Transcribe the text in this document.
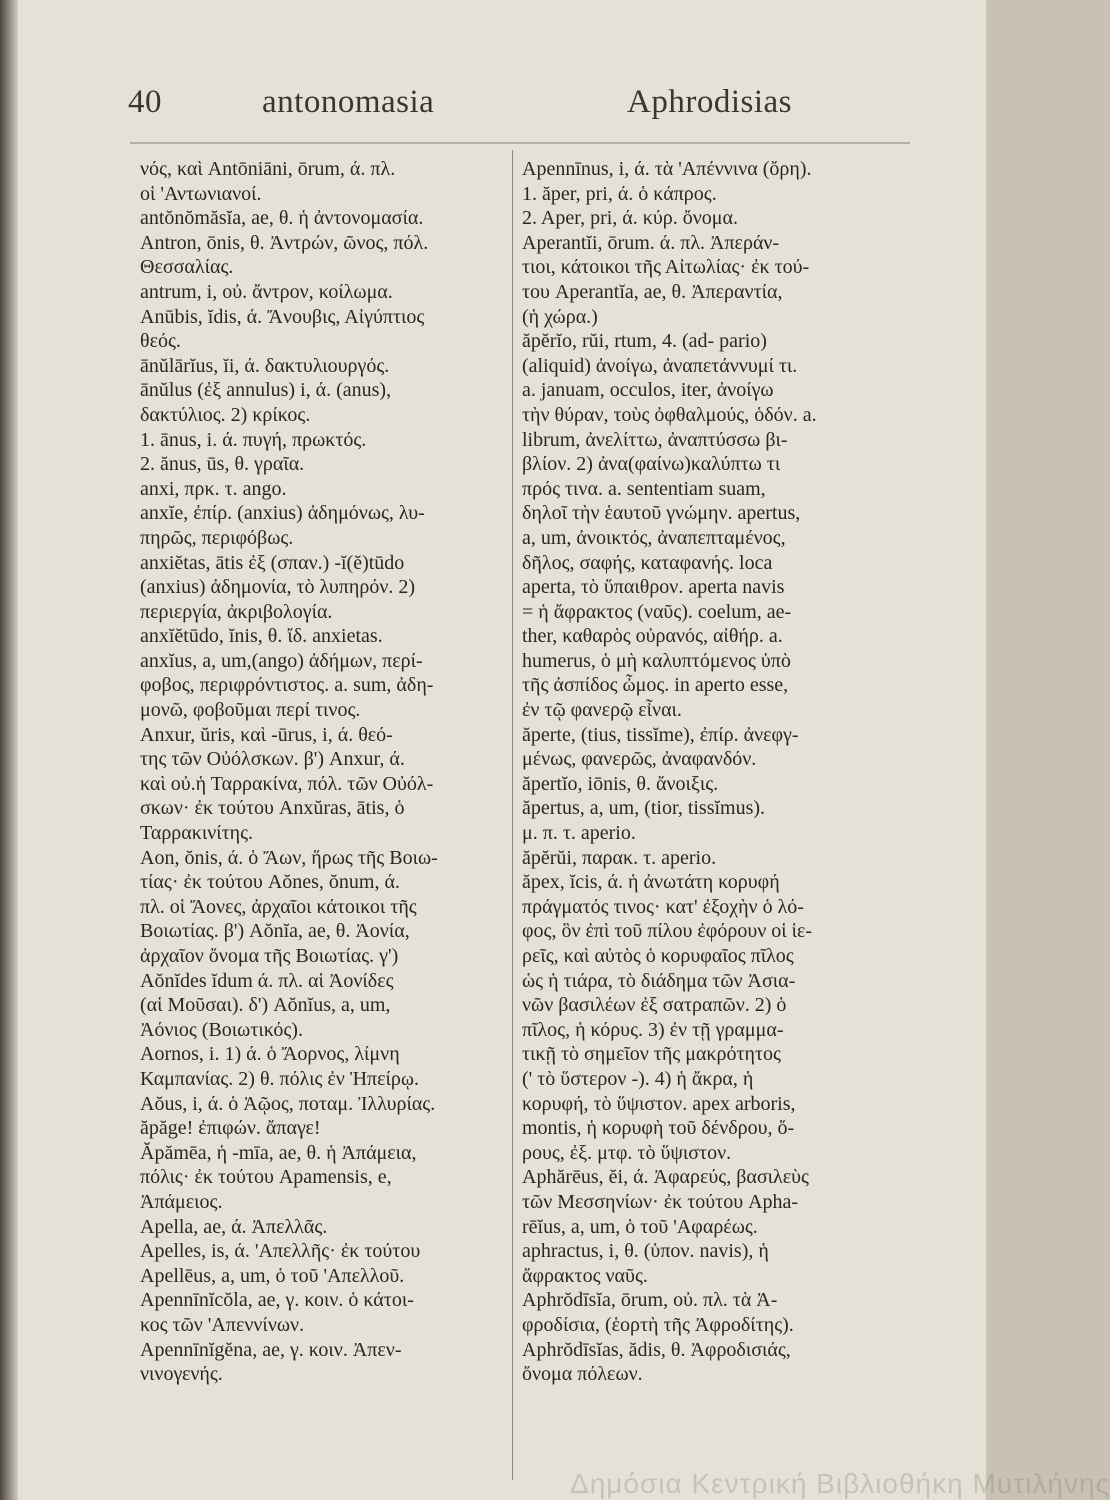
40	antonomasia	Aphrodisias
νός, καὶ Antōniāni, ōrum, ά. πλ.
οἱ 'Αντωνιανοί.
antŏnŏmăsĭa, ae, θ. ἡ ἀντονομασία.
Antron, ōnis, θ. Ἀντρών, ῶνος, πόλ.
Θεσσαλίας.
antrum, i, οὐ. ἄντρον, κοίλωμα.
Anūbis, ĭdis, ά. Ἄνουβις, Αἰγύπτιος
θεός.
ānŭlārĭus, ĭi, ά. δακτυλιουργός.
ānŭlus (ἐξ annulus) i, ά. (anus),
δακτύλιος. 2) κρίκος.
1. ānus, i. ά. πυγή, πρωκτός.
2. ănus, ūs, θ. γραῖα.
anxi, πρκ. τ. ango.
anxĭe, ἐπίρ. (anxius) ἀδημόνως, λυ-
πηρῶς, περιφόβως.
anxiĕtas, ātis ἐξ (σπαν.) -ĭ(ĕ)tūdo
(anxius) ἀδημονία, τὸ λυπηρόν. 2)
περιεργία, ἀκριβολογία.
anxĭĕtūdo, ĭnis, θ. ἴδ. anxietas.
anxĭus, a, um,(ango) ἀδήμων, περί-
φοβος, περιφρόντιστος. a. sum, ἀδη-
μονῶ, φοβοῦμαι περί τινος.
Anxur, ŭris, καὶ -ūrus, i, ά. θεό-
της τῶν Οὐόλσκων. β') Anxur, ά.
καὶ οὐ.ἡ Ταρρακίνα, πόλ. τῶν Οὐόλ-
σκων· ἐκ τούτου Anxŭras, ātis, ὁ
Ταρρακινίτης.
Aon, ŏnis, ά. ὁ Ἄων, ἥρως τῆς Βοιω-
τίας· ἐκ τούτου Aŏnes, ŏnum, ά.
πλ. οἱ Ἄονες, ἀρχαῖοι κάτοικοι τῆς
Βοιωτίας. β') Aŏnĭa, ae, θ. Ἀονία,
ἀρχαῖον ὄνομα τῆς Βοιωτίας. γ')
Aŏnĭdes ĭdum ά. πλ. αἱ Ἀονίδες
(αἱ Μοῦσαι). δ') Aŏnĭus, a, um,
Ἀόνιος (Βοιωτικός).
Aornos, i. 1) ά. ὁ Ἄορνος, λίμνη
Καμπανίας. 2) θ. πόλις ἐν Ἠπείρῳ.
Aŏus, i, ά. ὁ Ἀῷος, ποταμ. Ἰλλυρίας.
ăpăge! ἐπιφών. ἄπαγε!
Ăpămēa, ἡ -mīa, ae, θ. ἡ Ἀπάμεια,
πόλις· ἐκ τούτου Apamensis, e,
Ἀπάμειος.
Apella, ae, ά. Ἀπελλᾶς.
Apelles, is, ά. 'Απελλῆς· ἐκ τούτου
Apellēus, a, um, ὁ τοῦ 'Απελλοῦ.
Apennīnĭcŏla, ae, γ. κοιν. ὁ κάτοι-
κος τῶν 'Απεννίνων.
Apennīnĭgĕna, ae, γ. κοιν. Ἀπεν-
νινογενής.
Apennīnus, i, ά. τὰ 'Απέννινα (ὄρη).
1. ăper, pri, ά. ὁ κάπρος.
2. Aper, pri, ά. κύρ. ὄνομα.
Aperantĭi, ōrum. ά. πλ. Ἀπεράν-
τιοι, κάτοικοι τῆς Αἰτωλίας· ἐκ τού-
του Aperantĭa, ae, θ. Ἀπεραντία,
(ἡ χώρα.)
ăpĕrĭo, rŭi, rtum, 4. (ad- pario)
(aliquid) ἀνοίγω, ἀναπετάννυμί τι.
a. januam, occulos, iter, ἀνοίγω
τὴν θύραν, τοὺς ὀφθαλμούς, ὁδόν. a.
librum, ἀνελίττω, ἀναπτύσσω βι-
βλίον. 2) ἀνα(φαίνω)καλύπτω τι
πρός τινα. a. sententiam suam,
δηλοῖ τὴν ἑαυτοῦ γνώμην. apertus,
a, um, ἀνοικτός, ἀναπεπταμένος,
δῆλος, σαφής, καταφανής. loca
aperta, τὸ ὕπαιθρον. aperta navis
= ἡ ἄφρακτος (ναῦς). coelum, ae-
ther, καθαρὸς οὐρανός, αἰθήρ. a.
humerus, ὁ μὴ καλυπτόμενος ὑπὸ
τῆς ἀσπίδος ὦμος. in aperto esse,
ἐν τῷ φανερῷ εἶναι.
ăperte, (tius, tissĭme), ἐπίρ. ἀνεφγ-
μένως, φανερῶς, ἀναφανδόν.
ăpertĭo, iōnis, θ. ἄνοιξις.
ăpertus, a, um, (tior, tissĭmus).
μ. π. τ. aperio.
ăpĕrŭi, παρακ. τ. aperio.
ăpex, ĭcis, ά. ἡ ἀνωτάτη κορυφή
πράγματός τινος· κατ' ἐξοχὴν ὁ λό-
φος, ὃν ἐπὶ τοῦ πίλου ἐφόρουν οἱ ἱε-
ρεῖς, καὶ αὐτὸς ὁ κορυφαῖος πῖλος
ὡς ἡ τιάρα, τὸ διάδημα τῶν Ἀσια-
νῶν βασιλέων ἐξ σατραπῶν. 2) ὁ
πῖλος, ἡ κόρυς. 3) ἐν τῇ γραμμα-
τικῇ τὸ σημεῖον τῆς μακρότητος
(' τὸ ὕστερον -). 4) ἡ ἄκρα, ἡ
κορυφή, τὸ ὕψιστον. apex arboris,
montis, ἡ κορυφὴ τοῦ δένδρου, ὄ-
ρους, ἐξ. μτφ. τὸ ὕψιστον.
Aphărēus, ĕi, ά. Ἀφαρεύς, βασιλεὺς
τῶν Μεσσηνίων· ἐκ τούτου Apha-
rēĭus, a, um, ὁ τοῦ 'Αφαρέως.
aphractus, i, θ. (ὑπον. navis), ἡ
ἄφρακτος ναῦς.
Aphrŏdīsĭa, ōrum, οὐ. πλ. τὰ Ἀ-
φροδίσια, (ἑορτὴ τῆς Ἀφροδίτης).
Aphrŏdīsĭas, ădis, θ. Ἀφροδισιάς,
ὄνομα πόλεων.
Δημόσια Κεντρική Βιβλιοθήκη Μυτιλήνης
